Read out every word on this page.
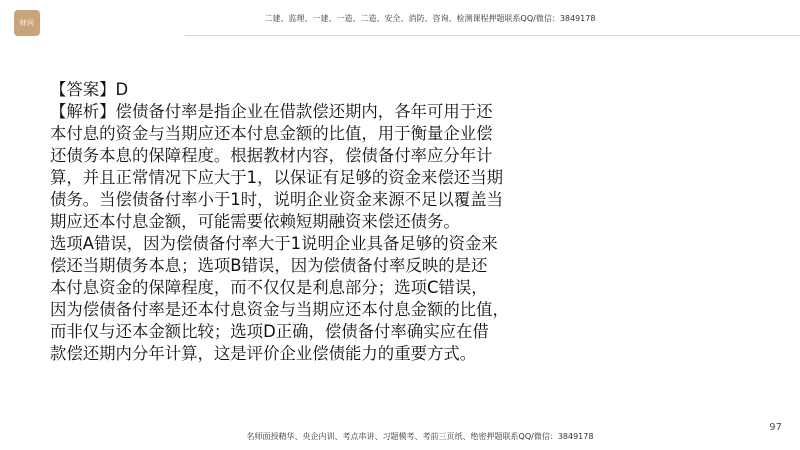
财问	二建、监理、一建、一造、二造、安全、消防、咨询、检测课程押题联系QQ/微信：3849178
【答案】D
【解析】偿债备付率是指企业在借款偿还期内，各年可用于还
本付息的资金与当期应还本付息金额的比值，用于衡量企业偿
还债务本息的保障程度。根据教材内容，偿债备付率应分年计
算，并且正常情况下应大于1，以保证有足够的资金来偿还当期
债务。当偿债备付率小于1时，说明企业资金来源不足以覆盖当
期应还本付息金额，可能需要依赖短期融资来偿还债务。
选项A错误，因为偿债备付率大于1说明企业具备足够的资金来
偿还当期债务本息；选项B错误，因为偿债备付率反映的是还
本付息资金的保障程度，而不仅仅是利息部分；选项C错误，
因为偿债备付率是还本付息资金与当期应还本付息金额的比值，
而非仅与还本金额比较；选项D正确，偿债备付率确实应在借
款偿还期内分年计算，这是评价企业偿债能力的重要方式。
名师面授精华、央企内训、考点串讲、习题模考、考前三页纸、绝密押题联系QQ/微信：3849178
97
